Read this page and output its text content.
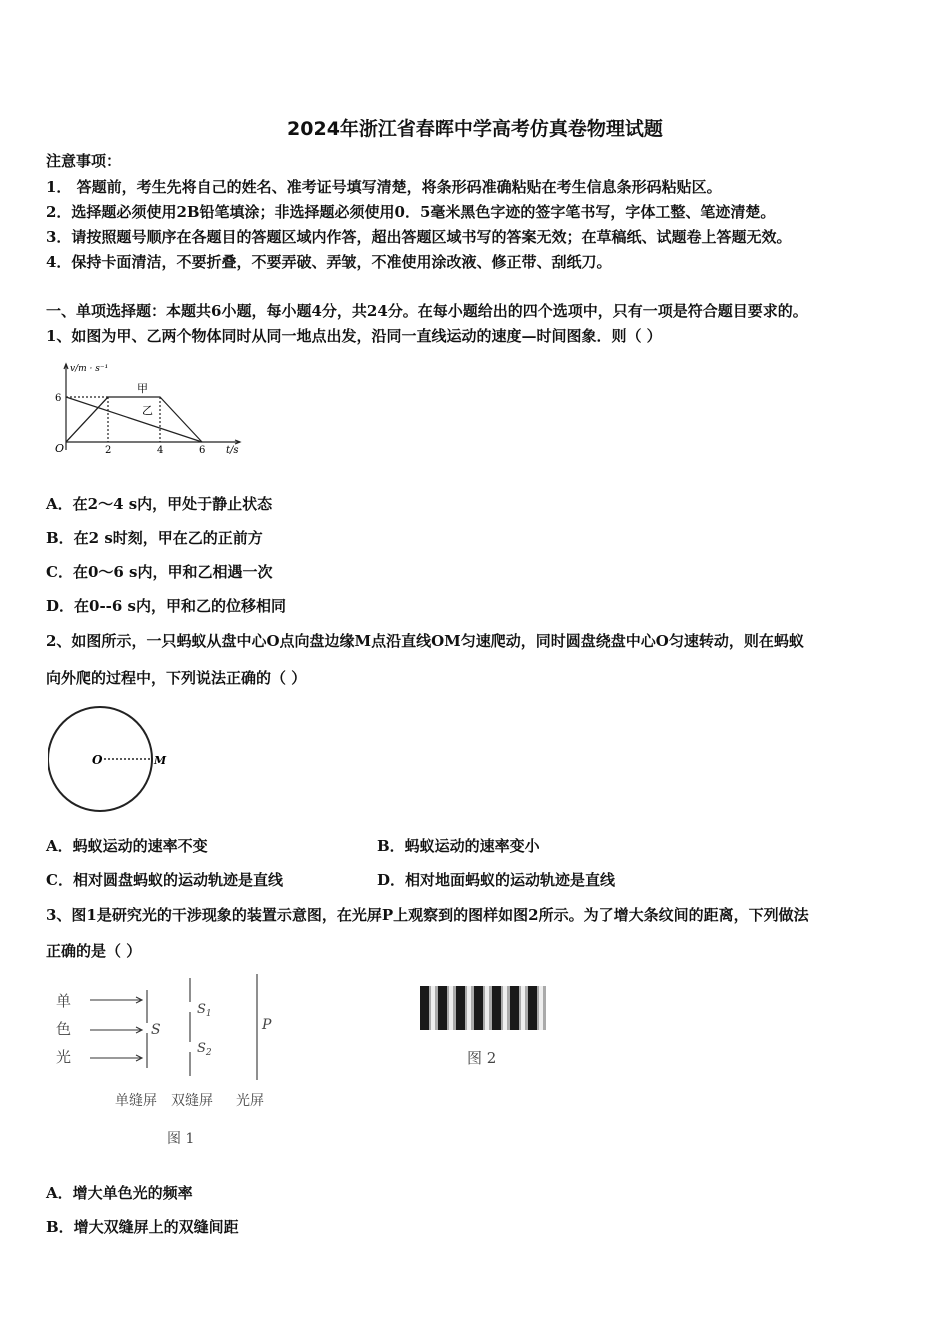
2024年浙江省春晖中学高考仿真卷物理试题
注意事项：
1． 答题前，考生先将自己的姓名、准考证号填写清楚，将条形码准确粘贴在考生信息条形码粘贴区。
2．选择题必须使用2B铅笔填涂；非选择题必须使用0．5毫米黑色字迹的签字笔书写，字体工整、笔迹清楚。
3．请按照题号顺序在各题目的答题区域内作答，超出答题区域书写的答案无效；在草稿纸、试题卷上答题无效。
4．保持卡面清洁，不要折叠，不要弄破、弄皱，不准使用涂改液、修正带、刮纸刀。
一、单项选择题：本题共6小题，每小题4分，共24分。在每小题给出的四个选项中，只有一项是符合题目要求的。
1、如图为甲、乙两个物体同时从同一地点出发，沿同一直线运动的速度—时间图象．则（ ）
v/m · s⁻¹
O
6
2	4	6 t/s
甲
乙
A．在2～4 s内，甲处于静止状态
B．在2 s时刻，甲在乙的正前方
C．在0～6 s内，甲和乙相遇一次
D．在0--6 s内，甲和乙的位移相同
2、如图所示，一只蚂蚁从盘中心O点向盘边缘M点沿直线OM匀速爬动，同时圆盘绕盘中心O匀速转动，则在蚂蚁
向外爬的过程中，下列说法正确的（ ）
O	M
A．蚂蚁运动的速率不变	B．蚂蚁运动的速率变小
C．相对圆盘蚂蚁的运动轨迹是直线	D．相对地面蚂蚁的运动轨迹是直线
3、图1是研究光的干涉现象的装置示意图，在光屏P上观察到的图样如图2所示。为了增大条纹间的距离，下列做法
正确的是（ ）
单
色
光
S
$S_1$
$S_2$
P
单缝屏 双缝屏 光屏
图 1
图 2
A．增大单色光的频率
B．增大双缝屏上的双缝间距
